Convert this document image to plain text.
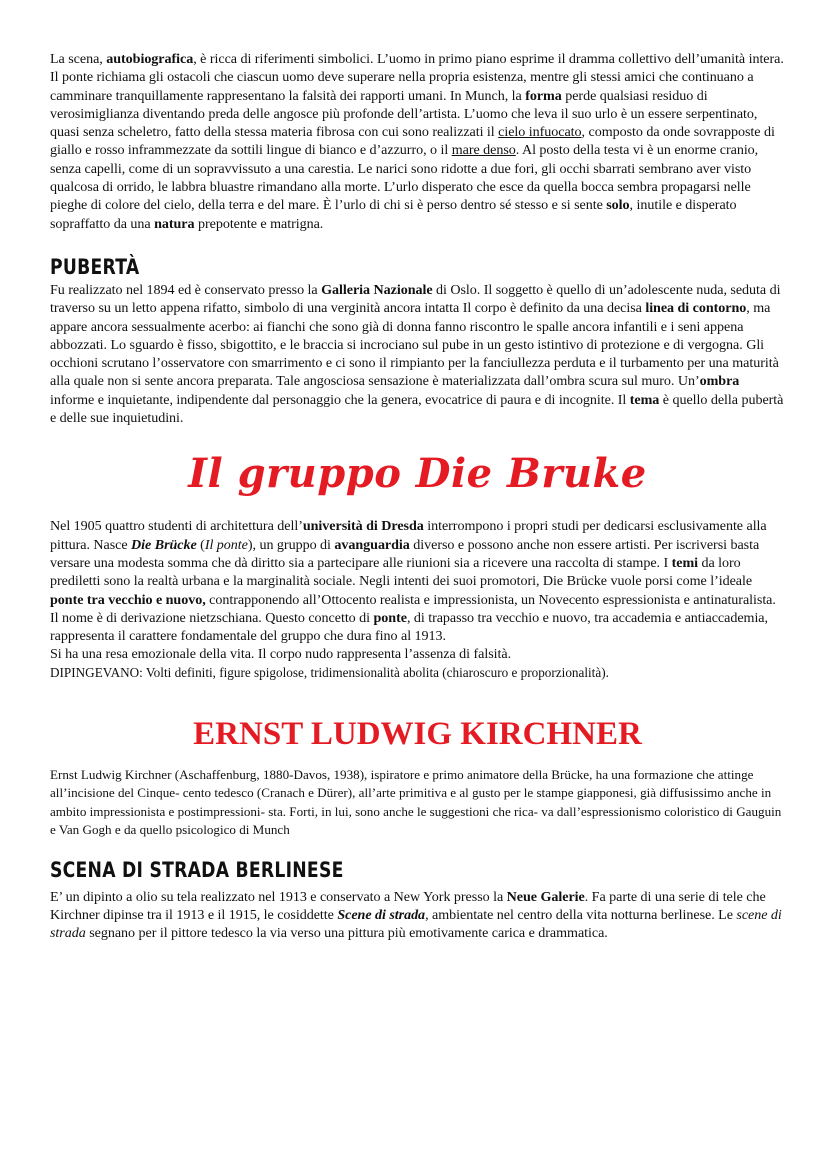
La scena, autobiografica, è ricca di riferimenti simbolici. L’uomo in primo piano esprime il dramma collettivo dell’umanità intera. Il ponte richiama gli ostacoli che ciascun uomo deve superare nella propria esistenza, mentre gli stessi amici che continuano a camminare tranquillamente rappresentano la falsità dei rapporti umani. In Munch, la forma perde qualsiasi residuo di verosimiglianza diventando preda delle angosce più profonde dell’artista. L’uomo che leva il suo urlo è un essere serpentinato, quasi senza scheletro, fatto della stessa materia fibrosa con cui sono realizzati il cielo infuocato, composto da onde sovrapposte di giallo e rosso inframmezzate da sottili lingue di bianco e d’azzurro, o il mare denso. Al posto della testa vi è un enorme cranio, senza capelli, come di un sopravvissuto a una carestia. Le narici sono ridotte a due fori, gli occhi sbarrati sembrano aver visto qualcosa di orrido, le labbra bluastre rimandano alla morte. L’urlo disperato che esce da quella bocca sembra propagarsi nelle pieghe di colore del cielo, della terra e del mare. È l’urlo di chi si è perso dentro sé stesso e si sente solo, inutile e disperato sopraffatto da una natura prepotente e matrigna.

PUBERTÀ

Fu realizzato nel 1894 ed è conservato presso la Galleria Nazionale di Oslo. Il soggetto è quello di un’adolescente nuda, seduta di traverso su un letto appena rifatto, simbolo di una verginità ancora intatta Il corpo è definito da una decisa linea di contorno, ma appare ancora sessualmente acerbo: ai fianchi che sono già di donna fanno riscontro le spalle ancora infantili e i seni appena abbozzati. Lo sguardo è fisso, sbigottito, e le braccia si incrociano sul pube in un gesto istintivo di protezione e di vergogna. Gli occhioni scrutano l’osservatore con smarrimento e ci sono il rimpianto per la fanciullezza perduta e il turbamento per una maturità alla quale non si sente ancora preparata. Tale angosciosa sensazione è materializzata dall’ombra scura sul muro. Un’ombra informe e inquietante, indipendente dal personaggio che la genera, evocatrice di paura e di incognite. Il tema è quello della pubertà e delle sue inquietudini.

Il gruppo Die Bruke

Nel 1905 quattro studenti di architettura dell’università di Dresda interrompono i propri studi per dedicarsi esclusivamente alla pittura. Nasce Die Brücke (Il ponte), un gruppo di avanguardia diverso e possono anche non essere artisti. Per iscriversi basta versare una modesta somma che dà diritto sia a partecipare alle riunioni sia a ricevere una raccolta di stampe. I temi da loro prediletti sono la realtà urbana e la marginalità sociale. Negli intenti dei suoi promotori, Die Brücke vuole porsi come l’ideale ponte tra vecchio e nuovo, contrapponendo all’Ottocento realista e impressionista, un Novecento espressionista e antinaturalista. Il nome è di derivazione nietzschiana. Questo concetto di ponte, di trapasso tra vecchio e nuovo, tra accademia e antiaccademia, rappresenta il carattere fondamentale del gruppo che dura fino al 1913.

Si ha una resa emozionale della vita. Il corpo nudo rappresenta l’assenza di falsità.

DIPINGEVANO: Volti definiti, figure spigolose, tridimensionalità abolita (chiaroscuro e proporzionalità).

ERNST LUDWIG KIRCHNER

Ernst Ludwig Kirchner (Aschaffenburg, 1880-Davos, 1938), ispiratore e primo animatore della Brücke, ha una formazione che attinge all’incisione del Cinque- cento tedesco (Cranach e Dürer), all’arte primitiva e al gusto per le stampe giapponesi, già diffusissimo anche in ambito impressionista e postimpressioni- sta. Forti, in lui, sono anche le suggestioni che rica- va dall’espressionismo coloristico di Gauguin e Van Gogh e da quello psicologico di Munch

SCENA DI STRADA BERLINESE

E’ un dipinto a olio su tela realizzato nel 1913 e conservato a New York presso la Neue Galerie. Fa parte di una serie di tele che Kirchner dipinse tra il 1913 e il 1915, le cosiddette Scene di strada, ambientate nel centro della vita notturna berlinese. Le scene di strada segnano per il pittore tedesco la via verso una pittura più emotivamente carica e drammatica.
